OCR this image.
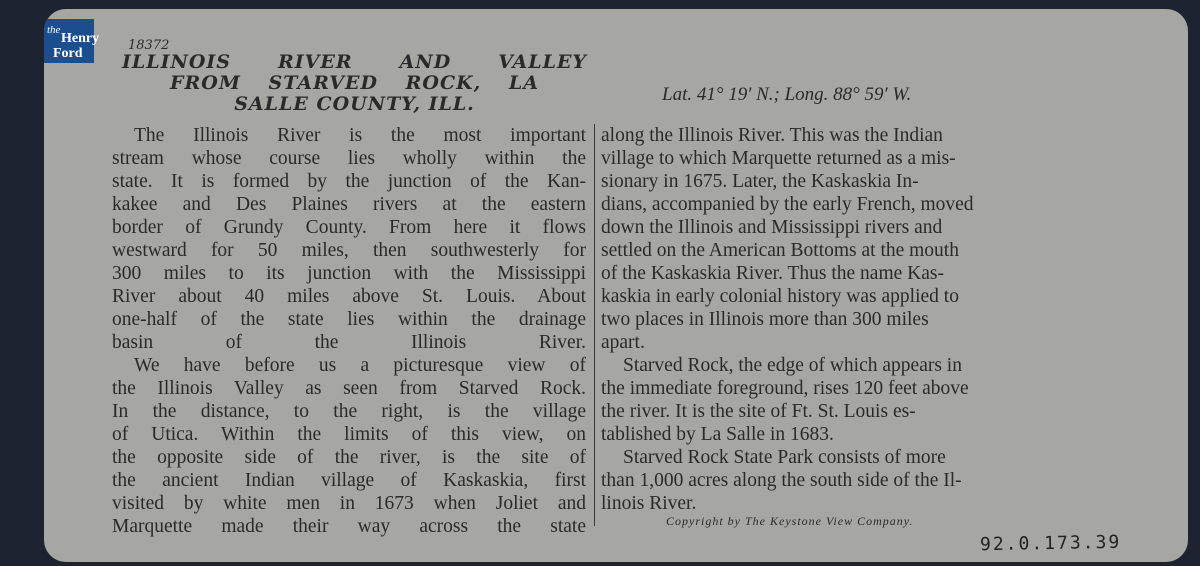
the
Henry
Ford
18372
ILLINOIS RIVER AND VALLEY
FROM STARVED ROCK, LA
SALLE COUNTY, ILL.	Lat. 41° 19′ N.; Long. 88° 59′ W.

The Illinois River is the most important
stream whose course lies wholly within the
state. It is formed by the junction of the Kan-
kakee and Des Plaines rivers at the eastern
border of Grundy County. From here it flows
westward for 50 miles, then southwesterly for
300 miles to its junction with the Mississippi
River about 40 miles above St. Louis. About
one-half of the state lies within the drainage
basin of the Illinois River.

We have before us a picturesque view of
the Illinois Valley as seen from Starved Rock.
In the distance, to the right, is the village
of Utica. Within the limits of this view, on
the opposite side of the river, is the site of
the ancient Indian village of Kaskaskia, first
visited by white men in 1673 when Joliet and
Marquette made their way across the state

along the Illinois River. This was the Indian
village to which Marquette returned as a mis-
sionary in 1675. Later, the Kaskaskia In-
dians, accompanied by the early French, moved
down the Illinois and Mississippi rivers and
settled on the American Bottoms at the mouth
of the Kaskaskia River. Thus the name Kas-
kaskia in early colonial history was applied to
two places in Illinois more than 300 miles
apart.

Starved Rock, the edge of which appears in
the immediate foreground, rises 120 feet above
the river. It is the site of Ft. St. Louis es-
tablished by La Salle in 1683.

Starved Rock State Park consists of more
than 1,000 acres along the south side of the Il-
linois River.

Copyright by The Keystone View Company.
92.0.173.39
